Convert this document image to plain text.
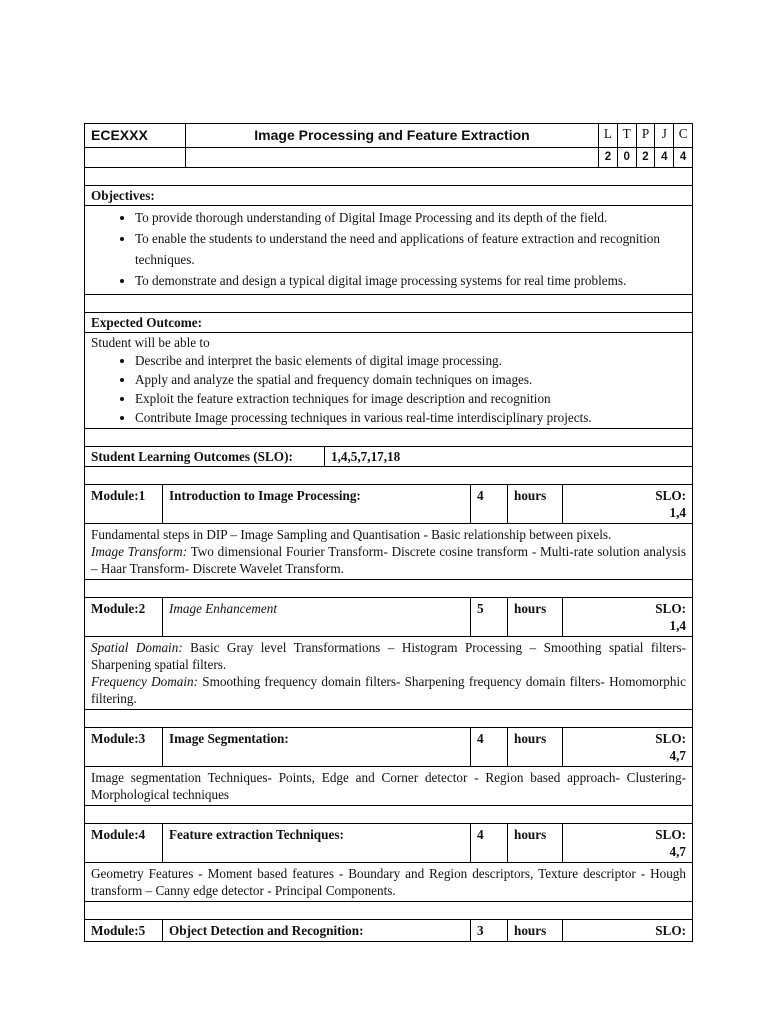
ECEXXX	Image Processing and Feature Extraction	L T P J C
2	0	2	4	4
Objectives:
• To provide thorough understanding of Digital Image Processing and its depth of the field.
• To enable the students to understand the need and applications of feature extraction and recognition techniques.
• To demonstrate and design a typical digital image processing systems for real time problems.
Expected Outcome:
Student will be able to
• Describe and interpret the basic elements of digital image processing.
• Apply and analyze the spatial and frequency domain techniques on images.
• Exploit the feature extraction techniques for image description and recognition
• Contribute Image processing techniques in various real-time interdisciplinary projects.
Student Learning Outcomes (SLO):	1,4,5,7,17,18
Module:1	Introduction to Image Processing:	4	hours	SLO:
1,4
Fundamental steps in DIP – Image Sampling and Quantisation - Basic relationship between pixels.
Image Transform: Two dimensional Fourier Transform- Discrete cosine transform - Multi-rate solution analysis – Haar Transform- Discrete Wavelet Transform.
Module:2	Image Enhancement	5	hours	SLO:
1,4
Spatial Domain: Basic Gray level Transformations – Histogram Processing – Smoothing spatial filters- Sharpening spatial filters.
Frequency Domain: Smoothing frequency domain filters- Sharpening frequency domain filters- Homomorphic filtering.
Module:3	Image Segmentation:	4	hours	SLO:
4,7
Image segmentation Techniques- Points, Edge and Corner detector - Region based approach- Clustering- Morphological techniques
Module:4	Feature extraction Techniques:	4	hours	SLO:
4,7
Geometry Features - Moment based features - Boundary and Region descriptors, Texture descriptor - Hough transform – Canny edge detector - Principal Components.
Module:5	Object Detection and Recognition:	3	hours	SLO:
